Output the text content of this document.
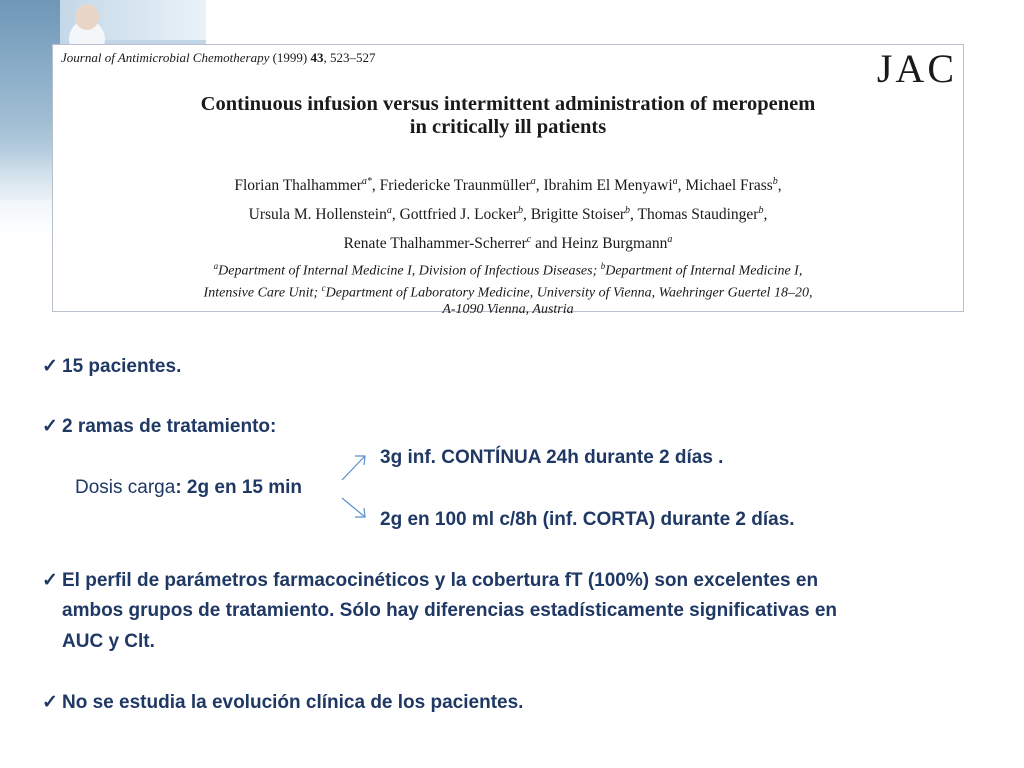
Journal of Antimicrobial Chemotherapy (1999) 43, 523–527	JAC
Continuous infusion versus intermittent administration of meropenem
in critically ill patients
Florian Thalhammer$^{a*}$, Friedericke Traunmüller$^a$, Ibrahim El Menyawi$^a$, Michael Frass$^b$,
Ursula M. Hollenstein$^a$, Gottfried J. Locker$^b$, Brigitte Stoiser$^b$, Thomas Staudinger$^b$,
Renate Thalhammer-Scherrer$^c$ and Heinz Burgmann$^a$
$^a$Department of Internal Medicine I, Division of Infectious Diseases; $^b$Department of Internal Medicine I,
Intensive Care Unit; $^c$Department of Laboratory Medicine, University of Vienna, Waehringer Guertel 18–20,
A-1090 Vienna, Austria
✓ 15 pacientes.
✓ 2 ramas de tratamiento:
3g inf. CONTÍNUA 24h durante 2 días .
Dosis carga: 2g en 15 min
2g en 100 ml c/8h (inf. CORTA) durante 2 días.
✓ El perfil de parámetros farmacocinéticos y la cobertura fT (100%) son excelentes en
ambos grupos de tratamiento. Sólo hay diferencias estadísticamente significativas en
AUC y Clt.
✓ No se estudia la evolución clínica de los pacientes.
